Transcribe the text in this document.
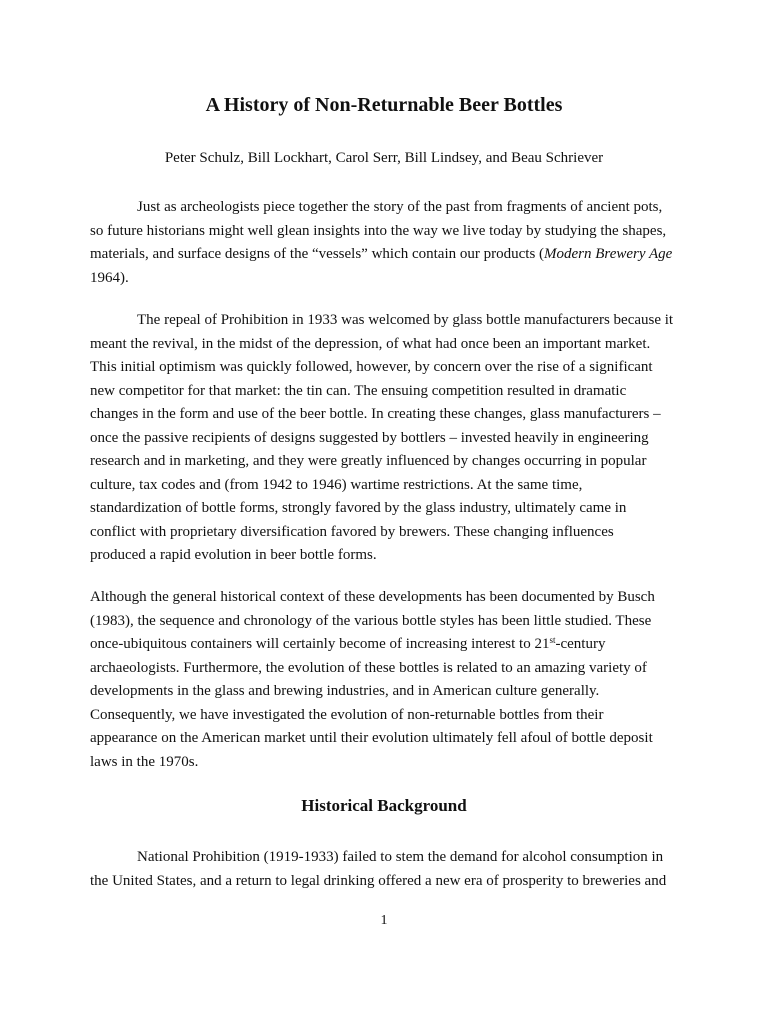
A History of Non-Returnable Beer Bottles

Peter Schulz, Bill Lockhart, Carol Serr, Bill Lindsey, and Beau Schriever

Just as archeologists piece together the story of the past from fragments of ancient pots,
so future historians might well glean insights into the way we live today by studying the shapes,
materials, and surface designs of the “vessels” which contain our products (Modern Brewery Age
1964).

The repeal of Prohibition in 1933 was welcomed by glass bottle manufacturers because it
meant the revival, in the midst of the depression, of what had once been an important market.
This initial optimism was quickly followed, however, by concern over the rise of a significant
new competitor for that market: the tin can. The ensuing competition resulted in dramatic
changes in the form and use of the beer bottle. In creating these changes, glass manufacturers –
once the passive recipients of designs suggested by bottlers – invested heavily in engineering
research and in marketing, and they were greatly influenced by changes occurring in popular
culture, tax codes and (from 1942 to 1946) wartime restrictions. At the same time,
standardization of bottle forms, strongly favored by the glass industry, ultimately came in
conflict with proprietary diversification favored by brewers. These changing influences
produced a rapid evolution in beer bottle forms.

Although the general historical context of these developments has been documented by Busch
(1983), the sequence and chronology of the various bottle styles has been little studied. These
once-ubiquitous containers will certainly become of increasing interest to 21st-century
archaeologists. Furthermore, the evolution of these bottles is related to an amazing variety of
developments in the glass and brewing industries, and in American culture generally.
Consequently, we have investigated the evolution of non-returnable bottles from their
appearance on the American market until their evolution ultimately fell afoul of bottle deposit
laws in the 1970s.

Historical Background

National Prohibition (1919-1933) failed to stem the demand for alcohol consumption in
the United States, and a return to legal drinking offered a new era of prosperity to breweries and

1
